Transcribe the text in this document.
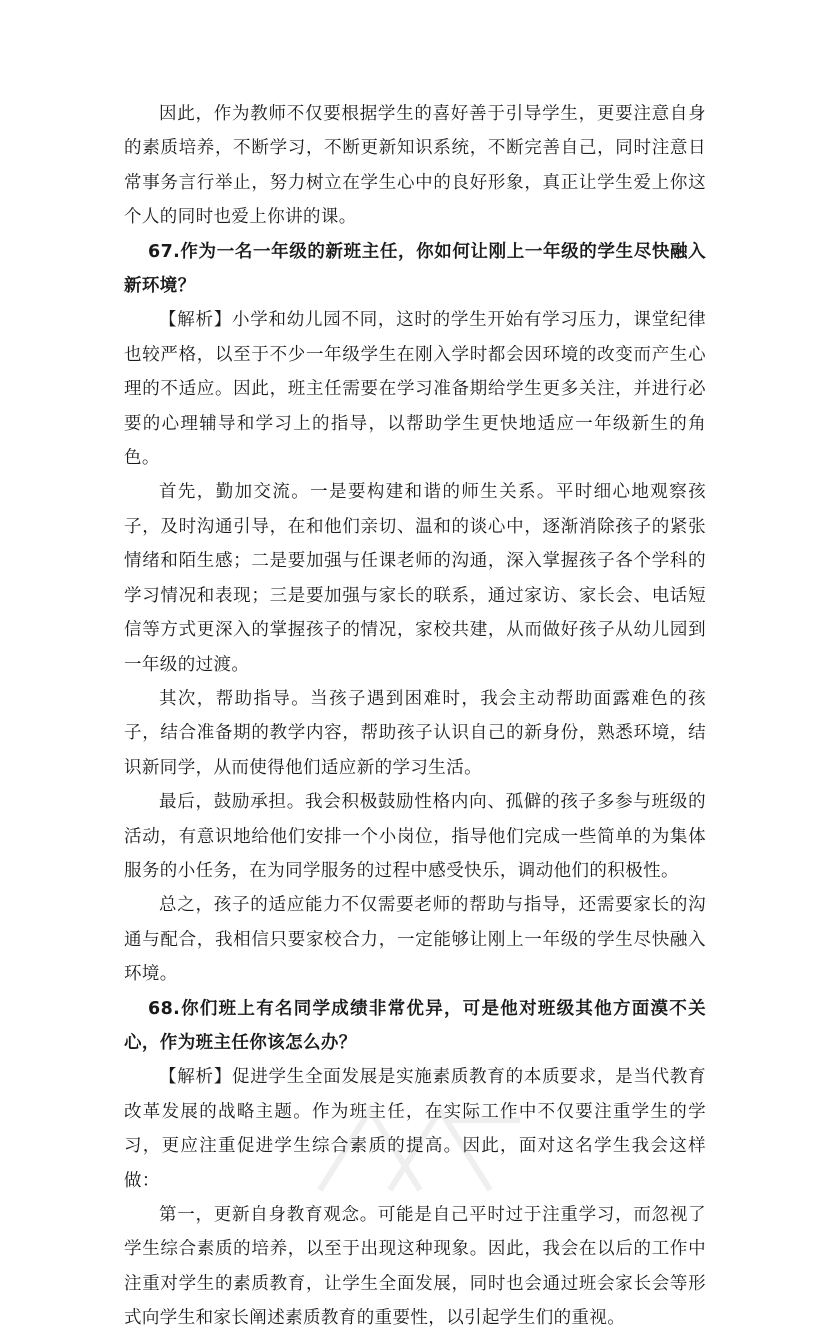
因此，作为教师不仅要根据学生的喜好善于引导学生，更要注意自身的素质培养，不断学习，不断更新知识系统，不断完善自己，同时注意日常事务言行举止，努力树立在学生心中的良好形象，真正让学生爱上你这个人的同时也爱上你讲的课。

67.作为一名一年级的新班主任，你如何让刚上一年级的学生尽快融入新环境？

【解析】小学和幼儿园不同，这时的学生开始有学习压力，课堂纪律也较严格，以至于不少一年级学生在刚入学时都会因环境的改变而产生心理的不适应。因此，班主任需要在学习准备期给学生更多关注，并进行必要的心理辅导和学习上的指导，以帮助学生更快地适应一年级新生的角色。

首先，勤加交流。一是要构建和谐的师生关系。平时细心地观察孩子，及时沟通引导，在和他们亲切、温和的谈心中，逐渐消除孩子的紧张情绪和陌生感；二是要加强与任课老师的沟通，深入掌握孩子各个学科的学习情况和表现；三是要加强与家长的联系，通过家访、家长会、电话短信等方式更深入的掌握孩子的情况，家校共建，从而做好孩子从幼儿园到一年级的过渡。

其次，帮助指导。当孩子遇到困难时，我会主动帮助面露难色的孩子，结合准备期的教学内容，帮助孩子认识自己的新身份，熟悉环境，结识新同学，从而使得他们适应新的学习生活。

最后，鼓励承担。我会积极鼓励性格内向、孤僻的孩子多参与班级的活动，有意识地给他们安排一个小岗位，指导他们完成一些简单的为集体服务的小任务，在为同学服务的过程中感受快乐，调动他们的积极性。

总之，孩子的适应能力不仅需要老师的帮助与指导，还需要家长的沟通与配合，我相信只要家校合力，一定能够让刚上一年级的学生尽快融入环境。

68.你们班上有名同学成绩非常优异，可是他对班级其他方面漠不关心，作为班主任你该怎么办？

【解析】促进学生全面发展是实施素质教育的本质要求，是当代教育改革发展的战略主题。作为班主任，在实际工作中不仅要注重学生的学习，更应注重促进学生综合素质的提高。因此，面对这名学生我会这样做：

第一，更新自身教育观念。可能是自己平时过于注重学习，而忽视了学生综合素质的培养，以至于出现这种现象。因此，我会在以后的工作中注重对学生的素质教育，让学生全面发展，同时也会通过班会家长会等形式向学生和家长阐述素质教育的重要性，以引起学生们的重视。
